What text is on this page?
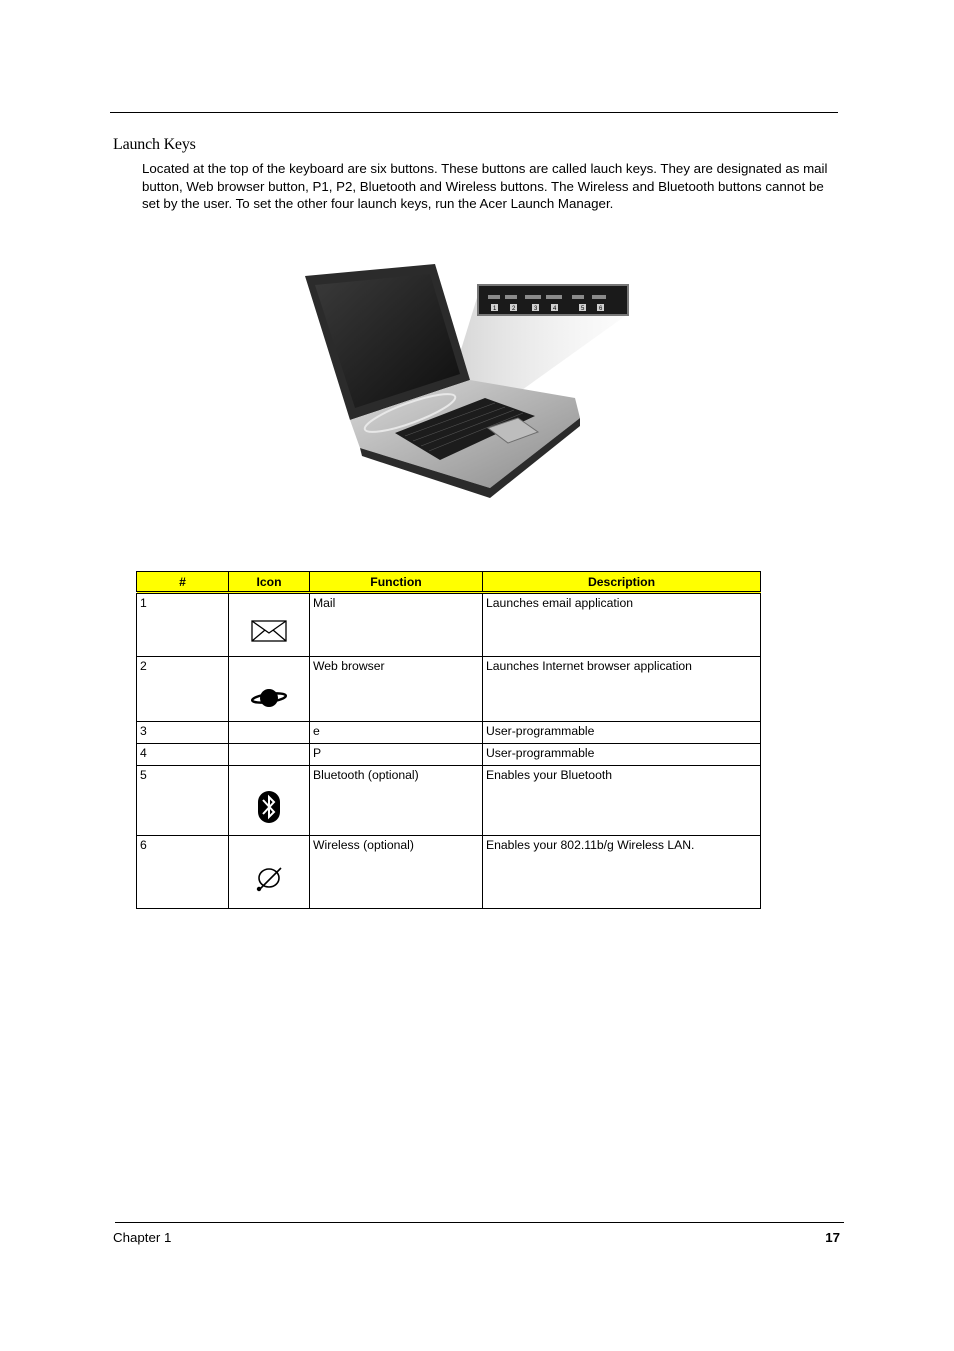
Launch Keys

Located at the top of the keyboard are six buttons. These buttons are called lauch keys. They are designated as mail button, Web browser button, P1, P2, Bluetooth and Wireless buttons. The Wireless and Bluetooth buttons cannot be set by the user. To set the other four launch keys, run the Acer Launch Manager.

1	2	3	4	5 6
#	Icon	Function	Description
1		Mail	Launches email application
2		Web browser	Launches Internet browser application
3		e	User-programmable
4		P	User-programmable
5		Bluetooth (optional)	Enables your Bluetooth
6		Wireless (optional)	Enables your 802.11b/g Wireless LAN.
Chapter 1	17
